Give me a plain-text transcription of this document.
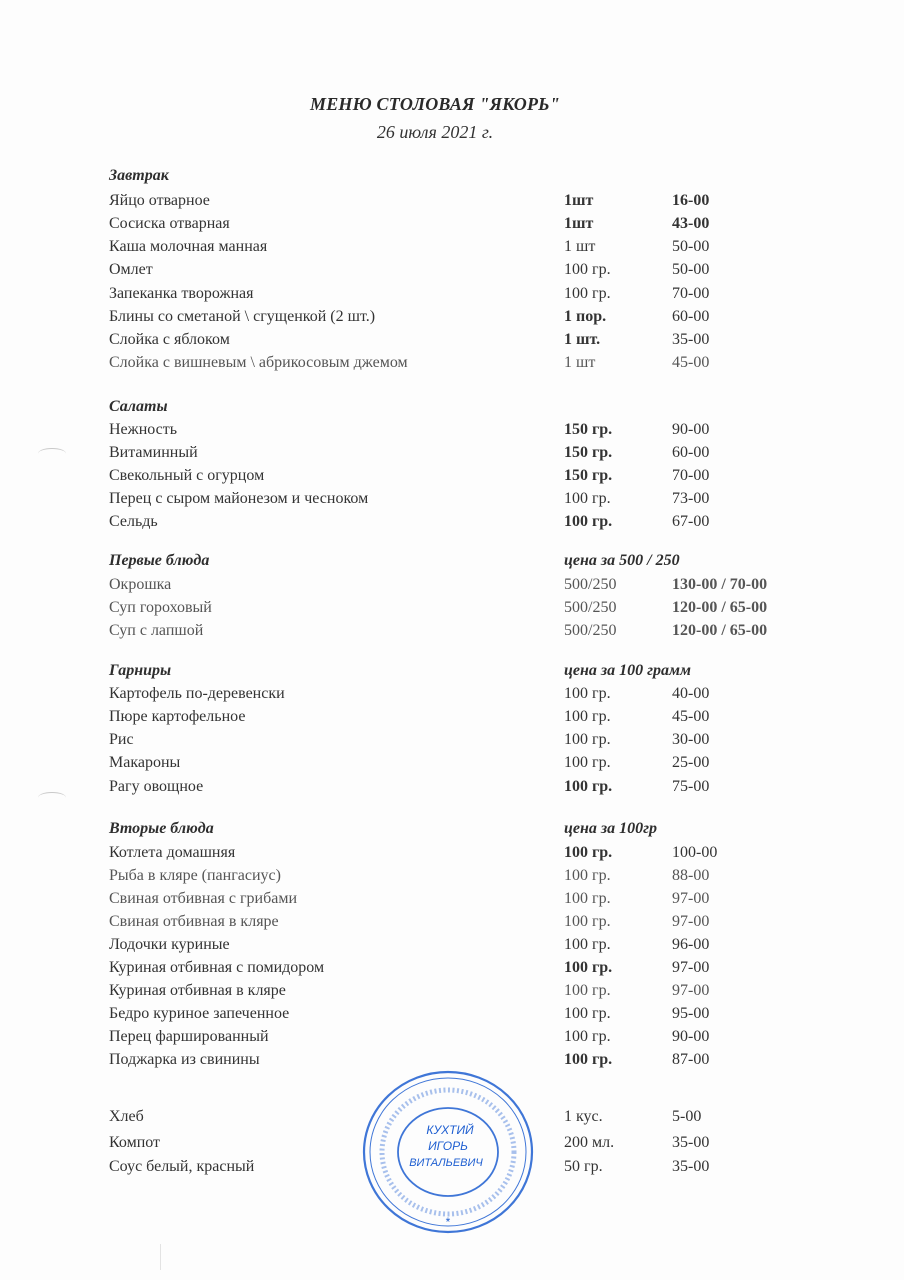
МЕНЮ СТОЛОВАЯ "ЯКОРЬ"
26 июля 2021 г.
Завтрак
Яйцо отварное	1шт	16-00
Сосиска отварная	1шт	43-00
Каша молочная манная	1 шт	50-00
Омлет	100 гр.	50-00
Запеканка творожная	100 гр.	70-00
Блины со сметаной \ сгущенкой (2 шт.)	1 пор.	60-00
Слойка с яблоком	1 шт.	35-00
Слойка с вишневым \ абрикосовым джемом	1 шт	45-00
Салаты
Нежность	150 гр.	90-00
Витаминный	150 гр.	60-00
Свекольный с огурцом	150 гр.	70-00
Перец с сыром майонезом и чесноком	100 гр.	73-00
Сельдь	100 гр.	67-00
Первые блюда	цена за 500 / 250
Окрошка	500/250	130-00 / 70-00
Суп гороховый	500/250	120-00 / 65-00
Суп с лапшой	500/250	120-00 / 65-00
Гарниры	цена за 100 грамм
Картофель по-деревенски	100 гр.	40-00
Пюре картофельное	100 гр.	45-00
Рис	100 гр.	30-00
Макароны	100 гр.	25-00
Рагу овощное	100 гр.	75-00
Вторые блюда	цена за 100гр
Котлета домашняя	100 гр.	100-00
Рыба в кляре (пангасиус)	100 гр.	88-00
Свиная отбивная с грибами	100 гр.	97-00
Свиная отбивная в кляре	100 гр.	97-00
Лодочки куриные	100 гр.	96-00
Куриная отбивная с помидором	100 гр.	97-00
Куриная отбивная в кляре	100 гр.	97-00
Бедро куриное запеченное	100 гр.	95-00
Перец фаршированный	100 гр.	90-00
Поджарка из свинины	100 гр.	87-00
Хлеб	1 кус.	5-00
Компот	200 мл.	35-00
Соус белый, красный	50 гр.	35-00
КУХТИЙ
ИГОРЬ
ВИТАЛЬЕВИЧ
*
